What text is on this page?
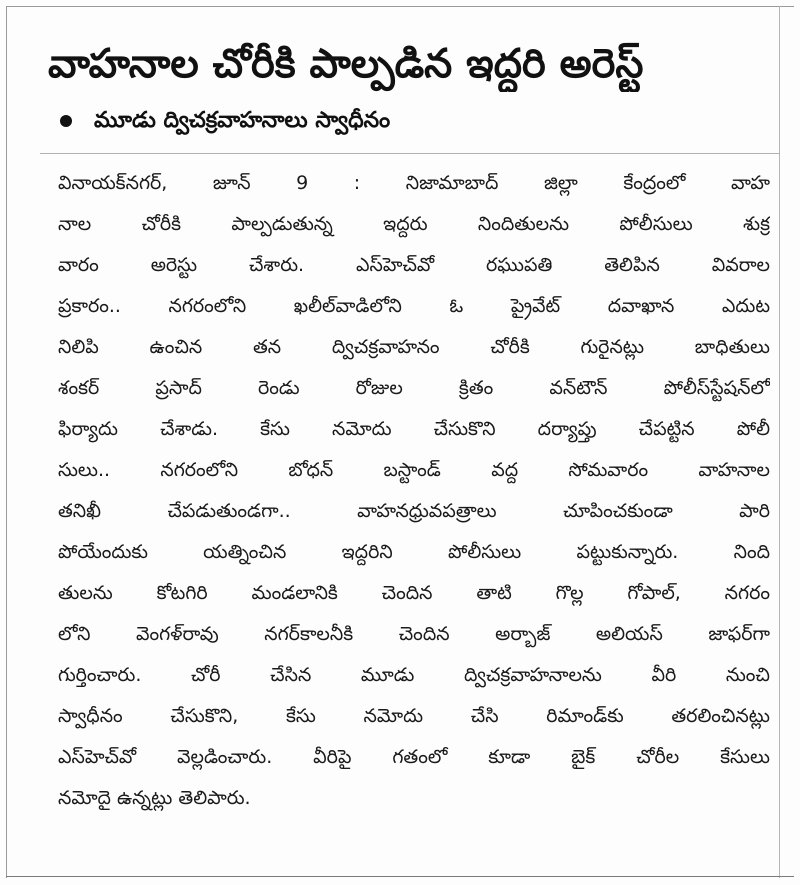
వాహనాల చోరీకి పాల్పడిన ఇద్దరి అరెస్ట్
మూడు ద్విచక్రవాహనాలు స్వాధీనం
వినాయక్‌నగర్, జూన్ 9 : నిజామాబాద్ జిల్లా కేంద్రంలో వాహ
నాల చోరీకి పాల్పడుతున్న ఇద్దరు నిందితులను పోలీసులు శుక్ర
వారం అరెస్టు చేశారు. ఎస్‌హెచ్‌వో రఘుపతి తెలిపిన వివరాల
ప్రకారం.. నగరంలోని ఖలీల్‌వాడిలోని ఓ ప్రైవేట్ దవాఖాన ఎదుట
నిలిపి ఉంచిన తన ద్విచక్రవాహనం చోరీకి గురైనట్లు బాధితులు
శంకర్ ప్రసాద్ రెండు రోజుల క్రితం వన్‌టౌన్ పోలీస్‌స్టేషన్‌లో
ఫిర్యాదు చేశాడు. కేసు నమోదు చేసుకొని దర్యాప్తు చేపట్టిన పోలీ
సులు.. నగరంలోని బోధన్ బస్టాండ్ వద్ద సోమవారం వాహనాల
తనిఖీ చేపడుతుండగా.. వాహనధ్రువపత్రాలు చూపించకుండా పారి
పోయేందుకు యత్నించిన ఇద్దరిని పోలీసులు పట్టుకున్నారు. నింది
తులను కోటగిరి మండలానికి చెందిన తాటి గొల్ల గోపాల్, నగరం
లోని వెంగళ్‌రావు నగర్‌కాలనీకి చెందిన అర్బాజ్ అలియస్ జాఫర్‌గా
గుర్తించారు. చోరీ చేసిన మూడు ద్విచక్రవాహనాలను వీరి నుంచి
స్వాధీనం చేసుకొని, కేసు నమోదు చేసి రిమాండ్‌కు తరలించినట్లు
ఎస్‌హెచ్‌వో వెల్లడించారు. వీరిపై గతంలో కూడా బైక్ చోరీల కేసులు
నమోదై ఉన్నట్లు తెలిపారు.
